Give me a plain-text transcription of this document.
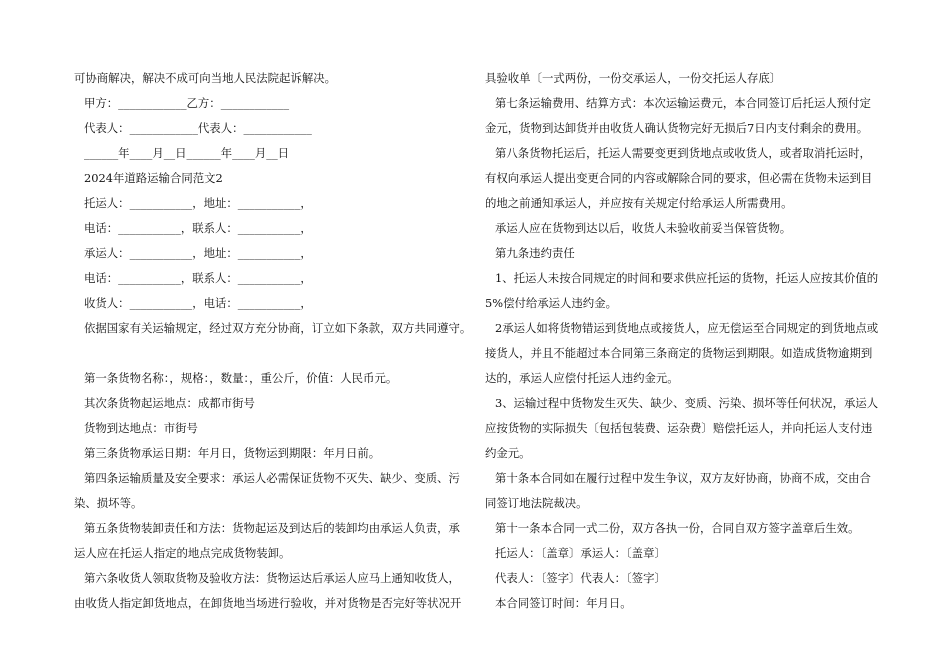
可协商解决，解决不成可向当地人民法院起诉解决。

甲方：____________乙方：____________

代表人：____________代表人：____________

______年____月__日______年____月__日

2024年道路运输合同范文2

托运人：___________，地址：___________，

电话：___________，联系人：___________，

承运人：___________，地址：___________，

电话：___________，联系人：___________，

收货人：___________，电话：___________，

依据国家有关运输规定，经过双方充分协商，订立如下条款，双方共同遵守。

第一条货物名称：，规格：，数量：，重公斤，价值：人民币元。

其次条货物起运地点：成都市街号

货物到达地点：市街号

第三条货物承运日期：年月日，货物运到期限：年月日前。

第四条运输质量及安全要求：承运人必需保证货物不灭失、缺少、变质、污

染、损坏等。

第五条货物装卸责任和方法：货物起运及到达后的装卸均由承运人负责，承

运人应在托运人指定的地点完成货物装卸。

第六条收货人领取货物及验收方法：货物运达后承运人应马上通知收货人，

由收货人指定卸货地点，在卸货地当场进行验收，并对货物是否完好等状况开

具验收单〔一式两份，一份交承运人，一份交托运人存底〕

第七条运输费用、结算方式：本次运输运费元，本合同签订后托运人预付定

金元，货物到达卸货并由收货人确认货物完好无损后7日内支付剩余的费用。

第八条货物托运后，托运人需要变更到货地点或收货人，或者取消托运时，

有权向承运人提出变更合同的内容或解除合同的要求，但必需在货物未运到目

的地之前通知承运人，并应按有关规定付给承运人所需费用。

承运人应在货物到达以后，收货人未验收前妥当保管货物。

第九条违约责任

1、托运人未按合同规定的时间和要求供应托运的货物，托运人应按其价值的

5%偿付给承运人违约金。

2承运人如将货物错运到货地点或接货人，应无偿运至合同规定的到货地点或

接货人，并且不能超过本合同第三条商定的货物运到期限。如造成货物逾期到

达的，承运人应偿付托运人违约金元。

3、运输过程中货物发生灭失、缺少、变质、污染、损坏等任何状况，承运人

应按货物的实际损失〔包括包装费、运杂费〕赔偿托运人，并向托运人支付违

约金元。

第十条本合同如在履行过程中发生争议，双方友好协商，协商不成，交由合

同签订地法院裁决。

第十一条本合同一式二份，双方各执一份，合同自双方签字盖章后生效。

托运人：〔盖章〕承运人：〔盖章〕

代表人：〔签字〕代表人：〔签字〕

本合同签订时间：年月日。
